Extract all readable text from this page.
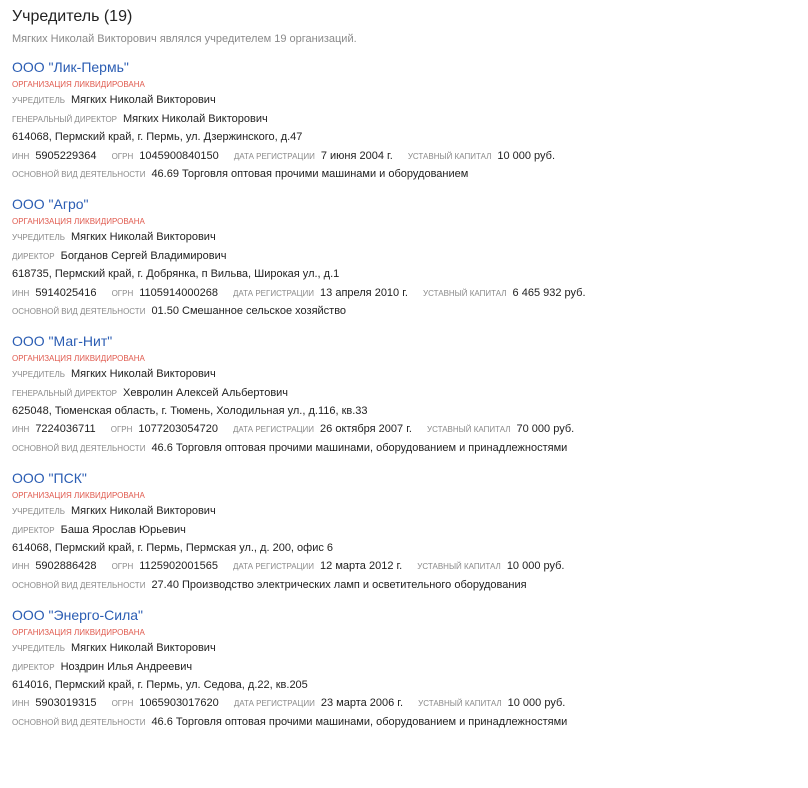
Учредитель (19)
Мягких Николай Викторович являлся учредителем 19 организаций.
ООО "Лик-Пермь"
ОРГАНИЗАЦИЯ ЛИКВИДИРОВАНА
УЧРЕДИТЕЛЬ Мягких Николай Викторович
ГЕНЕРАЛЬНЫЙ ДИРЕКТОР Мягких Николай Викторович
614068, Пермский край, г. Пермь, ул. Дзержинского, д.47
ИНН 5905229364 ОГРН 1045900840150 ДАТА РЕГИСТРАЦИИ 7 июня 2004 г. УСТАВНЫЙ КАПИТАЛ 10 000 руб.
ОСНОВНОЙ ВИД ДЕЯТЕЛЬНОСТИ 46.69 Торговля оптовая прочими машинами и оборудованием
ООО "Агро"
ОРГАНИЗАЦИЯ ЛИКВИДИРОВАНА
УЧРЕДИТЕЛЬ Мягких Николай Викторович
ДИРЕКТОР Богданов Сергей Владимирович
618735, Пермский край, г. Добрянка, п Вильва, Широкая ул., д.1
ИНН 5914025416 ОГРН 1105914000268 ДАТА РЕГИСТРАЦИИ 13 апреля 2010 г. УСТАВНЫЙ КАПИТАЛ 6 465 932 руб.
ОСНОВНОЙ ВИД ДЕЯТЕЛЬНОСТИ 01.50 Смешанное сельское хозяйство
ООО "Маг-Нит"
ОРГАНИЗАЦИЯ ЛИКВИДИРОВАНА
УЧРЕДИТЕЛЬ Мягких Николай Викторович
ГЕНЕРАЛЬНЫЙ ДИРЕКТОР Хевролин Алексей Альбертович
625048, Тюменская область, г. Тюмень, Холодильная ул., д.116, кв.33
ИНН 7224036711 ОГРН 1077203054720 ДАТА РЕГИСТРАЦИИ 26 октября 2007 г. УСТАВНЫЙ КАПИТАЛ 70 000 руб.
ОСНОВНОЙ ВИД ДЕЯТЕЛЬНОСТИ 46.6 Торговля оптовая прочими машинами, оборудованием и принадлежностями
ООО "ПСК"
ОРГАНИЗАЦИЯ ЛИКВИДИРОВАНА
УЧРЕДИТЕЛЬ Мягких Николай Викторович
ДИРЕКТОР Баша Ярослав Юрьевич
614068, Пермский край, г. Пермь, Пермская ул., д. 200, офис 6
ИНН 5902886428 ОГРН 1125902001565 ДАТА РЕГИСТРАЦИИ 12 марта 2012 г. УСТАВНЫЙ КАПИТАЛ 10 000 руб.
ОСНОВНОЙ ВИД ДЕЯТЕЛЬНОСТИ 27.40 Производство электрических ламп и осветительного оборудования
ООО "Энерго-Сила"
ОРГАНИЗАЦИЯ ЛИКВИДИРОВАНА
УЧРЕДИТЕЛЬ Мягких Николай Викторович
ДИРЕКТОР Ноздрин Илья Андреевич
614016, Пермский край, г. Пермь, ул. Седова, д.22, кв.205
ИНН 5903019315 ОГРН 1065903017620 ДАТА РЕГИСТРАЦИИ 23 марта 2006 г. УСТАВНЫЙ КАПИТАЛ 10 000 руб.
ОСНОВНОЙ ВИД ДЕЯТЕЛЬНОСТИ 46.6 Торговля оптовая прочими машинами, оборудованием и принадлежностями
